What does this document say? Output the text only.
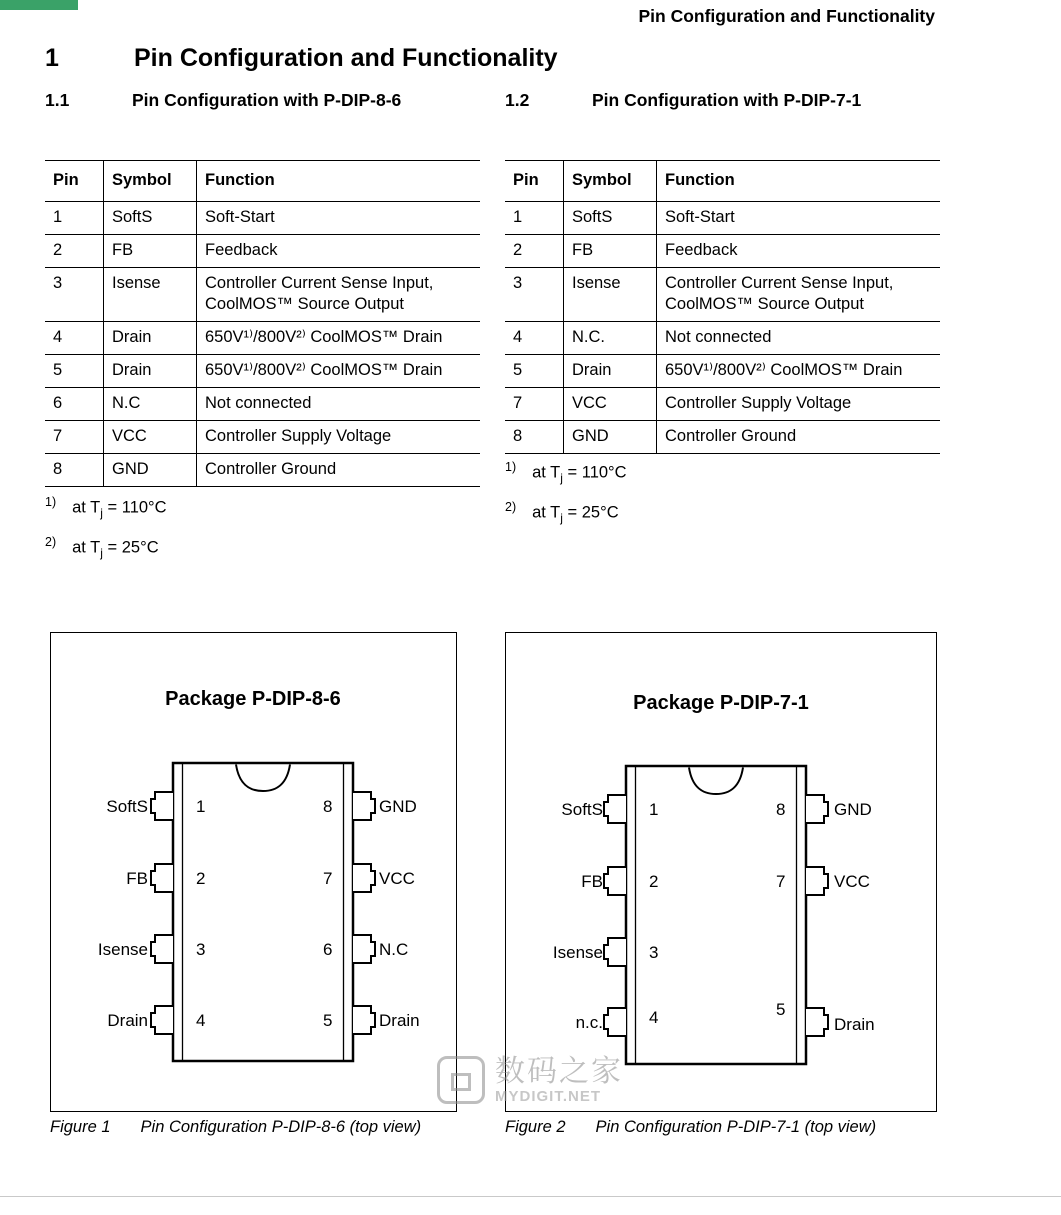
Pin Configuration and Functionality
1	Pin Configuration and Functionality
1.1	Pin Configuration with P-DIP-8-6	1.2	Pin Configuration with P-DIP-7-1
Pin	Symbol	Function
1	SoftS	Soft-Start
2	FB	Feedback
3	Isense	Controller Current Sense Input, CoolMOS™ Source Output
4	Drain	650V¹⁾/800V²⁾ CoolMOS™ Drain
5	Drain	650V¹⁾/800V²⁾ CoolMOS™ Drain
6	N.C	Not connected
7	VCC	Controller Supply Voltage
8	GND	Controller Ground
Pin	Symbol	Function
1	SoftS	Soft-Start
2	FB	Feedback
3	Isense	Controller Current Sense Input, CoolMOS™ Source Output
4	N.C.	Not connected
5	Drain	650V¹⁾/800V²⁾ CoolMOS™ Drain
7	VCC	Controller Supply Voltage
8	GND	Controller Ground
$^{1)}$ at $T_j = 110^\circ C$
$^{2)}$ at $T_j = 25^\circ C$
$^{1)}$ at $T_j = 110^\circ C$
$^{2)}$ at $T_j = 25^\circ C$
Package P-DIP-8-6
1
2
3
4
8
7
6
5
SoftS
FB
Isense
Drain
GND
VCC
N.C
Drain
Package P-DIP-7-1
1
2
3
4
8
7
5
SoftS
FB
Isense
n.c.
GND
VCC
Drain
Figure 1 Pin Configuration P-DIP-8-6 (top view)	Figure 2 Pin Configuration P-DIP-7-1 (top view)
数码之家
MYDIGIT.NET
